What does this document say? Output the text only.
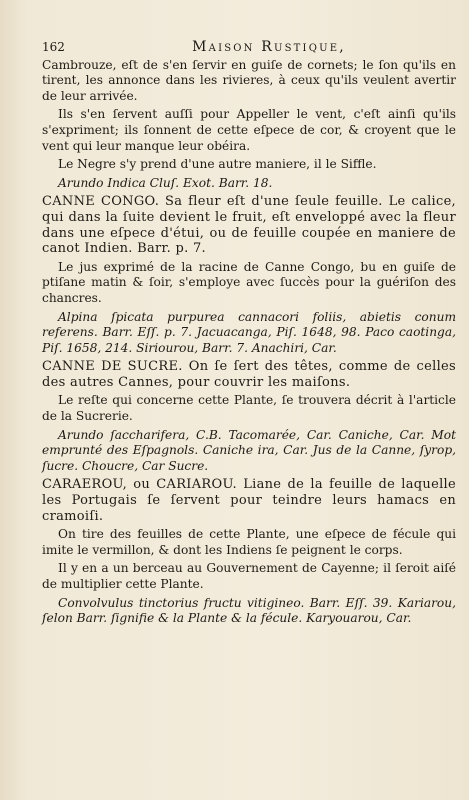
162	Maison Rustique,

Cambrouze, eſt de s'en ſervir en guiſe de cornets; le ſon qu'ils en tirent, les annonce dans les rivieres, à ceux qu'ils veulent avertir de leur arrivée.

Ils s'en ſervent auſſi pour Appeller le vent, c'eſt ainſi qu'ils s'expriment; ils ſonnent de cette eſpece de cor, & croyent que le vent qui leur manque leur obéira.

Le Negre s'y prend d'une autre maniere, il le Siffle.

Arundo Indica Cluſ. Exot. Barr. 18.

CANNE CONGO. Sa fleur eſt d'une ſeule feuille. Le calice, qui dans la ſuite devient le fruit, eſt enveloppé avec la fleur dans une eſpece d'étui, ou de feuille coupée en maniere de canot Indien. Barr. p. 7.

Le jus exprimé de la racine de Canne Congo, bu en guiſe de ptiſane matin & ſoir, s'employe avec ſuccès pour la guériſon des chancres.

Alpina ſpicata purpurea cannacori foliis, abietis conum referens. Barr. Eſſ. p. 7. Jacuacanga, Piſ. 1648, 98. Paco caotinga, Piſ. 1658, 214. Siriourou, Barr. 7. Anachiri, Car.

CANNE DE SUCRE. On ſe ſert des têtes, comme de celles des autres Cannes, pour couvrir les maiſons.

Le reſte qui concerne cette Plante, ſe trouvera décrit à l'article de la Sucrerie.

Arundo ſaccharifera, C.B. Tacomarée, Car. Caniche, Car. Mot emprunté des Eſpagnols. Caniche ira, Car. Jus de la Canne, ſyrop, ſucre. Choucre, Car Sucre.

CARAEROU, ou CARIAROU. Liane de la feuille de laquelle les Portugais ſe ſervent pour teindre leurs hamacs en cramoiſi.

On tire des feuilles de cette Plante, une eſpece de fécule qui imite le vermillon, & dont les Indiens ſe peignent le corps.

Il y en a un berceau au Gouvernement de Cayenne; il ſeroit aiſé de multiplier cette Plante.

Convolvulus tinctorius fructu vitigineo. Barr. Eſſ. 39. Kariarou, ſelon Barr. ſignifie & la Plante & la fécule. Karyouarou, Car.
